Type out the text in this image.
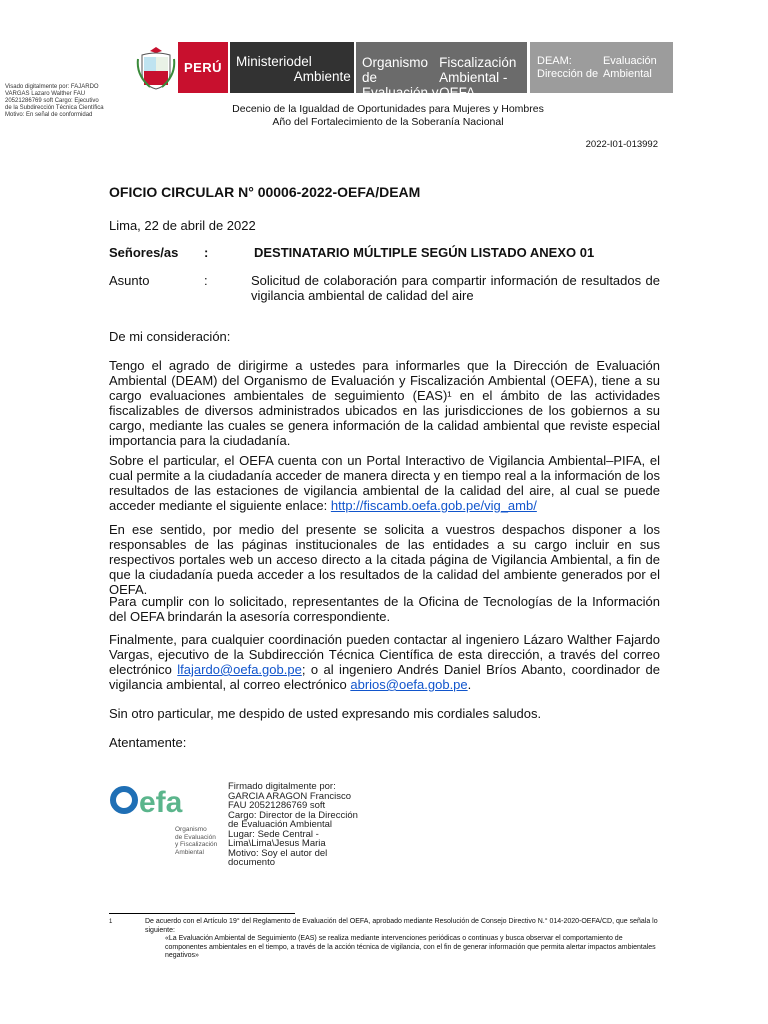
Visado digitalmente por: FAJARDO VARGAS Lazaro Walther FAU 20521286769 soft Cargo: Ejecutivo de la Subdirección Técnica Científica Motivo: En señal de conformidad
PERÚ	Ministerio del Ambiente
Organismo de Evaluación y
Fiscalización Ambiental - OEFA
DEAM: Dirección de
Evaluación Ambiental
Decenio de la Igualdad de Oportunidades para Mujeres y Hombres
Año del Fortalecimiento de la Soberanía Nacional
2022-I01-013992
OFICIO CIRCULAR N° 00006-2022-OEFA/DEAM
Lima, 22 de abril de 2022
Señores/as :	DESTINATARIO MÚLTIPLE SEGÚN LISTADO ANEXO 01
Asunto	:	Solicitud de colaboración para compartir información de resultados de vigilancia ambiental de calidad del aire

De mi consideración:

Tengo el agrado de dirigirme a ustedes para informarles que la Dirección de Evaluación Ambiental (DEAM) del Organismo de Evaluación y Fiscalización Ambiental (OEFA), tiene a su cargo evaluaciones ambientales de seguimiento (EAS)¹ en el ámbito de las actividades fiscalizables de diversos administrados ubicados en las jurisdicciones de los gobiernos a su cargo, mediante las cuales se genera información de la calidad ambiental que reviste especial importancia para la ciudadanía.

Sobre el particular, el OEFA cuenta con un Portal Interactivo de Vigilancia Ambiental–PIFA, el cual permite a la ciudadanía acceder de manera directa y en tiempo real a la información de los resultados de las estaciones de vigilancia ambiental de la calidad del aire, al cual se puede acceder mediante el siguiente enlace: http://fiscamb.oefa.gob.pe/vig_amb/

En ese sentido, por medio del presente se solicita a vuestros despachos disponer a los responsables de las páginas institucionales de las entidades a su cargo incluir en sus respectivos portales web un acceso directo a la citada página de Vigilancia Ambiental, a fin de que la ciudadanía pueda acceder a los resultados de la calidad del ambiente generados por el OEFA.

Para cumplir con lo solicitado, representantes de la Oficina de Tecnologías de la Información del OEFA brindarán la asesoría correspondiente.

Finalmente, para cualquier coordinación pueden contactar al ingeniero Lázaro Walther Fajardo Vargas, ejecutivo de la Subdirección Técnica Científica de esta dirección, a través del correo electrónico lfajardo@oefa.gob.pe; o al ingeniero Andrés Daniel Bríos Abanto, coordinador de vigilancia ambiental, al correo electrónico abrios@oefa.gob.pe.

Sin otro particular, me despido de usted expresando mis cordiales saludos.

Atentamente:

efa
Organismo
de Evaluación
y Fiscalización
Ambiental
Firmado digitalmente por:
GARCIA ARAGON Francisco
FAU 20521286769 soft
Cargo: Director de la Dirección
de Evaluación Ambiental
Lugar: Sede Central -
Lima\Lima\Jesus Maria
Motivo: Soy el autor del
documento
1	De acuerdo con el Artículo 19° del Reglamento de Evaluación del OEFA, aprobado mediante Resolución de Consejo Directivo N.° 014-2020-OEFA/CD, que señala lo siguiente:
«La Evaluación Ambiental de Seguimiento (EAS) se realiza mediante intervenciones periódicas o continuas y busca observar el comportamiento de componentes ambientales en el tiempo, a través de la acción técnica de vigilancia, con el fin de generar información que permita alertar impactos ambientales negativos»
